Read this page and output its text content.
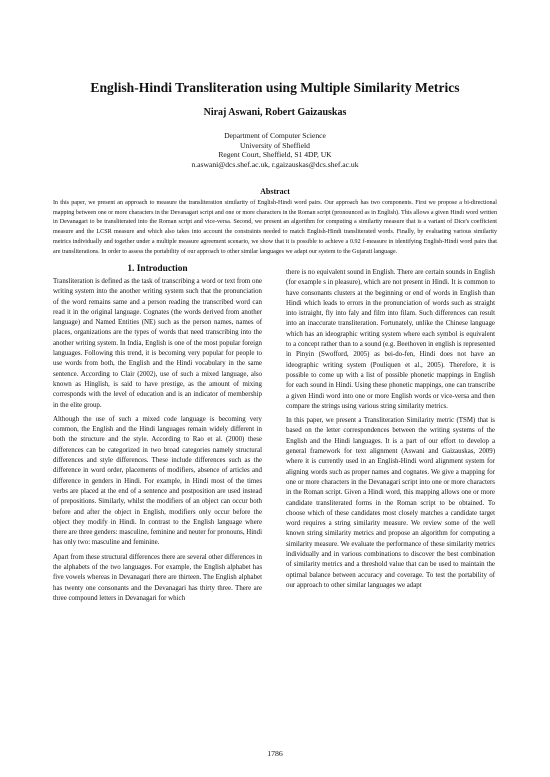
English-Hindi Transliteration using Multiple Similarity Metrics
Niraj Aswani, Robert Gaizauskas
Department of Computer Science
University of Sheffield
Regent Court, Sheffield, S1 4DP, UK
n.aswani@dcs.shef.ac.uk, r.gaizauskas@dcs.shef.ac.uk
Abstract

In this paper, we present an approach to measure the transliteration similarity of English-Hindi word pairs. Our approach has two components. First we propose a bi-directional mapping between one or more characters in the Devanagari script and one or more characters in the Roman script (pronounced as in English). This allows a given Hindi word written in Devanagari to be transliterated into the Roman script and vice-versa. Second, we present an algorithm for computing a similarity measure that is a variant of Dice's coefficient measure and the LCSR measure and which also takes into account the constraints needed to match English-Hindi transliterated words. Finally, by evaluating various similarity metrics individually and together under a multiple measure agreement scenario, we show that it is possible to achieve a 0.92 f-measure in identifying English-Hindi word pairs that are transliterations. In order to assess the portability of our approach to other similar languages we adapt our system to the Gujarati language.

1. Introduction

Transliteration is defined as the task of transcribing a word or text from one writing system into the another writing system such that the pronunciation of the word remains same and a person reading the transcribed word can read it in the original language. Cognates (the words derived from another language) and Named Entities (NE) such as the person names, names of places, organizations are the types of words that need transcribing into the another writing system. In India, English is one of the most popular foreign languages. Following this trend, it is becoming very popular for people to use words from both, the English and the Hindi vocabulary in the same sentence. According to Clair (2002), use of such a mixed language, also known as Hinglish, is said to have prestige, as the amount of mixing corresponds with the level of education and is an indicator of membership in the elite group.

Although the use of such a mixed code language is becoming very common, the English and the Hindi languages remain widely different in both the structure and the style. According to Rao et al. (2000) these differences can be categorized in two broad categories namely structural differences and style differences. These include differences such as the difference in word order, placements of modifiers, absence of articles and difference in genders in Hindi. For example, in Hindi most of the times verbs are placed at the end of a sentence and postposition are used instead of prepositions. Similarly, whilst the modifiers of an object can occur both before and after the object in English, modifiers only occur before the object they modify in Hindi. In contrast to the English language where there are three genders: masculine, feminine and neuter for pronouns, Hindi has only two: masculine and feminine.

Apart from these structural differences there are several other differences in the alphabets of the two languages. For example, the English alphabet has five vowels whereas in Devanagari there are thirteen. The English alphabet has twenty one consonants and the Devanagari has thirty three. There are three compound letters in Devanagari for which

there is no equivalent sound in English. There are certain sounds in English (for example s in pleasure), which are not present in Hindi. It is common to have consonants clusters at the beginning or end of words in English than Hindi which leads to errors in the pronunciation of words such as straight into istraight, fly into faly and film into filam. Such differences can result into an inaccurate transliteration. Fortunately, unlike the Chinese language which has an ideographic writing system where each symbol is equivalent to a concept rather than to a sound (e.g. Beethoven in english is represented in Pinyin (Swofford, 2005) as bei-do-fen, Hindi does not have an ideographic writing system (Pouliquen et al., 2005). Therefore, it is possible to come up with a list of possible phonetic mappings in English for each sound in Hindi. Using these phonetic mappings, one can transcribe a given Hindi word into one or more English words or vice-versa and then compare the strings using various string similarity metrics.

In this paper, we present a Transliteration Similarity metric (TSM) that is based on the letter correspondences between the writing systems of the English and the Hindi languages. It is a part of our effort to develop a general framework for text alignment (Aswani and Gaizauskas, 2009) where it is currently used in an English-Hindi word alignment system for aligning words such as proper names and cognates. We give a mapping for one or more characters in the Devanagari script into one or more characters in the Roman script. Given a Hindi word, this mapping allows one or more candidate transliterated forms in the Roman script to be obtained. To choose which of these candidates most closely matches a candidate target word requires a string similarity measure. We review some of the well known string similarity metrics and propose an algorithm for computing a similarity measure. We evaluate the performance of these similarity metrics individually and in various combinations to discover the best combination of similarity metrics and a threshold value that can be used to maintain the optimal balance between accuracy and coverage. To test the portability of our approach to other similar languages we adapt

1786
